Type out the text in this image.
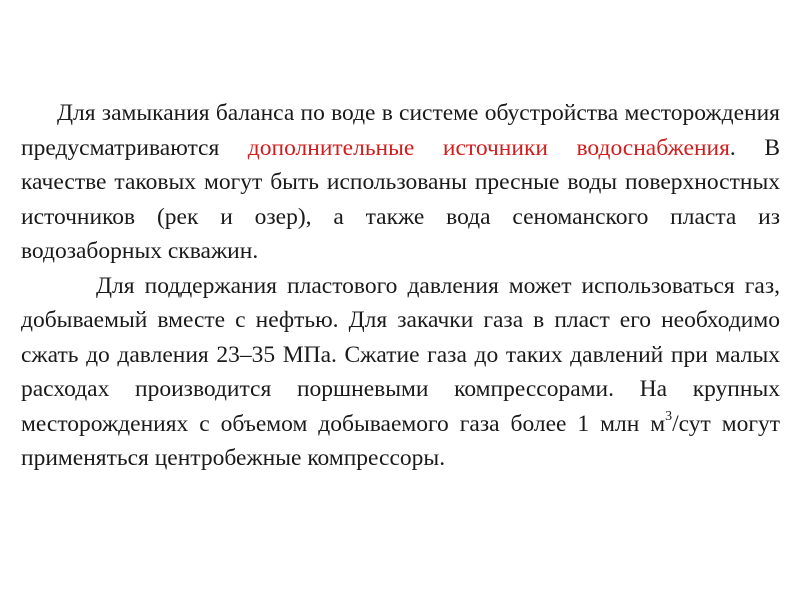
Для замыкания баланса по воде в системе обустройства месторождения предусматриваются дополнительные источники водоснабжения. В качестве таковых могут быть использованы пресные воды поверхностных источников (рек и озер), а также вода сеноманского пласта из водозаборных скважин.

Для поддержания пластового давления может использоваться газ, добываемый вместе с нефтью. Для закачки газа в пласт его необходимо сжать до давления 23–35 МПа. Сжатие газа до таких давлений при малых расходах производится поршневыми компрессорами. На крупных месторождениях с объемом добываемого газа более 1 млн $м^3$/сут могут применяться центробежные компрессоры.
